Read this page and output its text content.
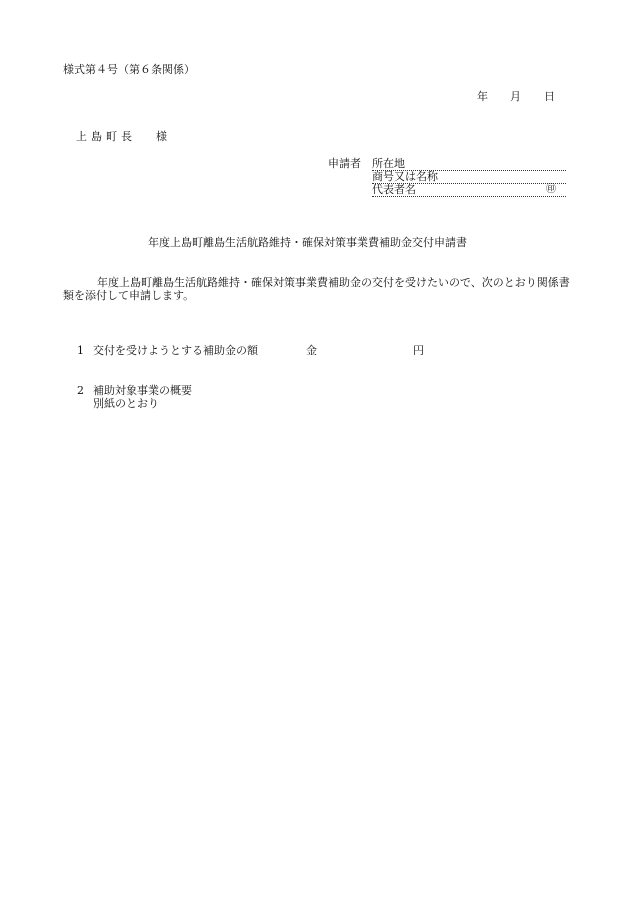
様式第４号（第６条関係）
年 月 日
上島町長 様
申請者 所在地
商号又は名称
代表者名	㊞
年度上島町離島生活航路維持・確保対策事業費補助金交付申請書
年度上島町離島生活航路維持・確保対策事業費補助金の交付を受けたいので、次のとおり関係書類を添付して申請します。
1 交付を受けようとする補助金の額	金	円
2 補助対象事業の概要
別紙のとおり
